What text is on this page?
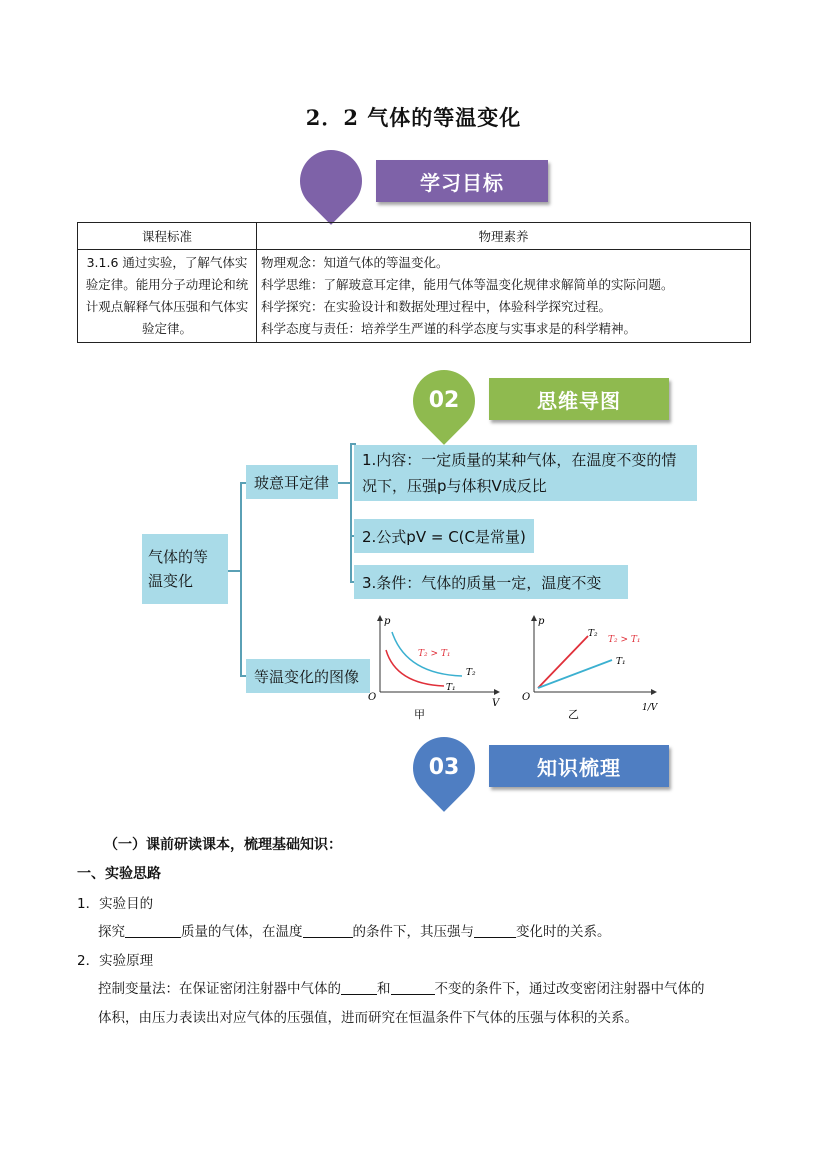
2．2 气体的等温变化
学习目标
课程标准	物理素养
3.1.6 通过实验，了解气体实验定律。能用分子动理论和统计观点解释气体压强和气体实验定律。	物理观念：知道气体的等温变化。

科学思维：了解玻意耳定律，能用气体等温变化规律求解简单的实际问题。

科学探究：在实验设计和数据处理过程中，体验科学探究过程。

科学态度与责任：培养学生严谨的科学态度与实事求是的科学精神。

02	思维导图
气体的等温变化
玻意耳定律
等温变化的图像
1.内容：一定质量的某种气体，在温度不变的情况下，压强p与体积V成反比
2.公式pV = C(C是常量)
3.条件：气体的质量一定，温度不变
p
V
O
T₂ > T₁
T₂
T₁
甲
p
1/V
O
T₂
T₂ > T₁
T₁
乙
03	知识梳理
（一）课前研读课本，梳理基础知识：
一、实验思路
1．实验目的
探究	质量的气体，在温度	的条件下，其压强与	变化时的关系。
2．实验原理
控制变量法：在保证密闭注射器中气体的	和	不变的条件下，通过改变密闭注射器中气体的
体积，由压力表读出对应气体的压强值，进而研究在恒温条件下气体的压强与体积的关系。
